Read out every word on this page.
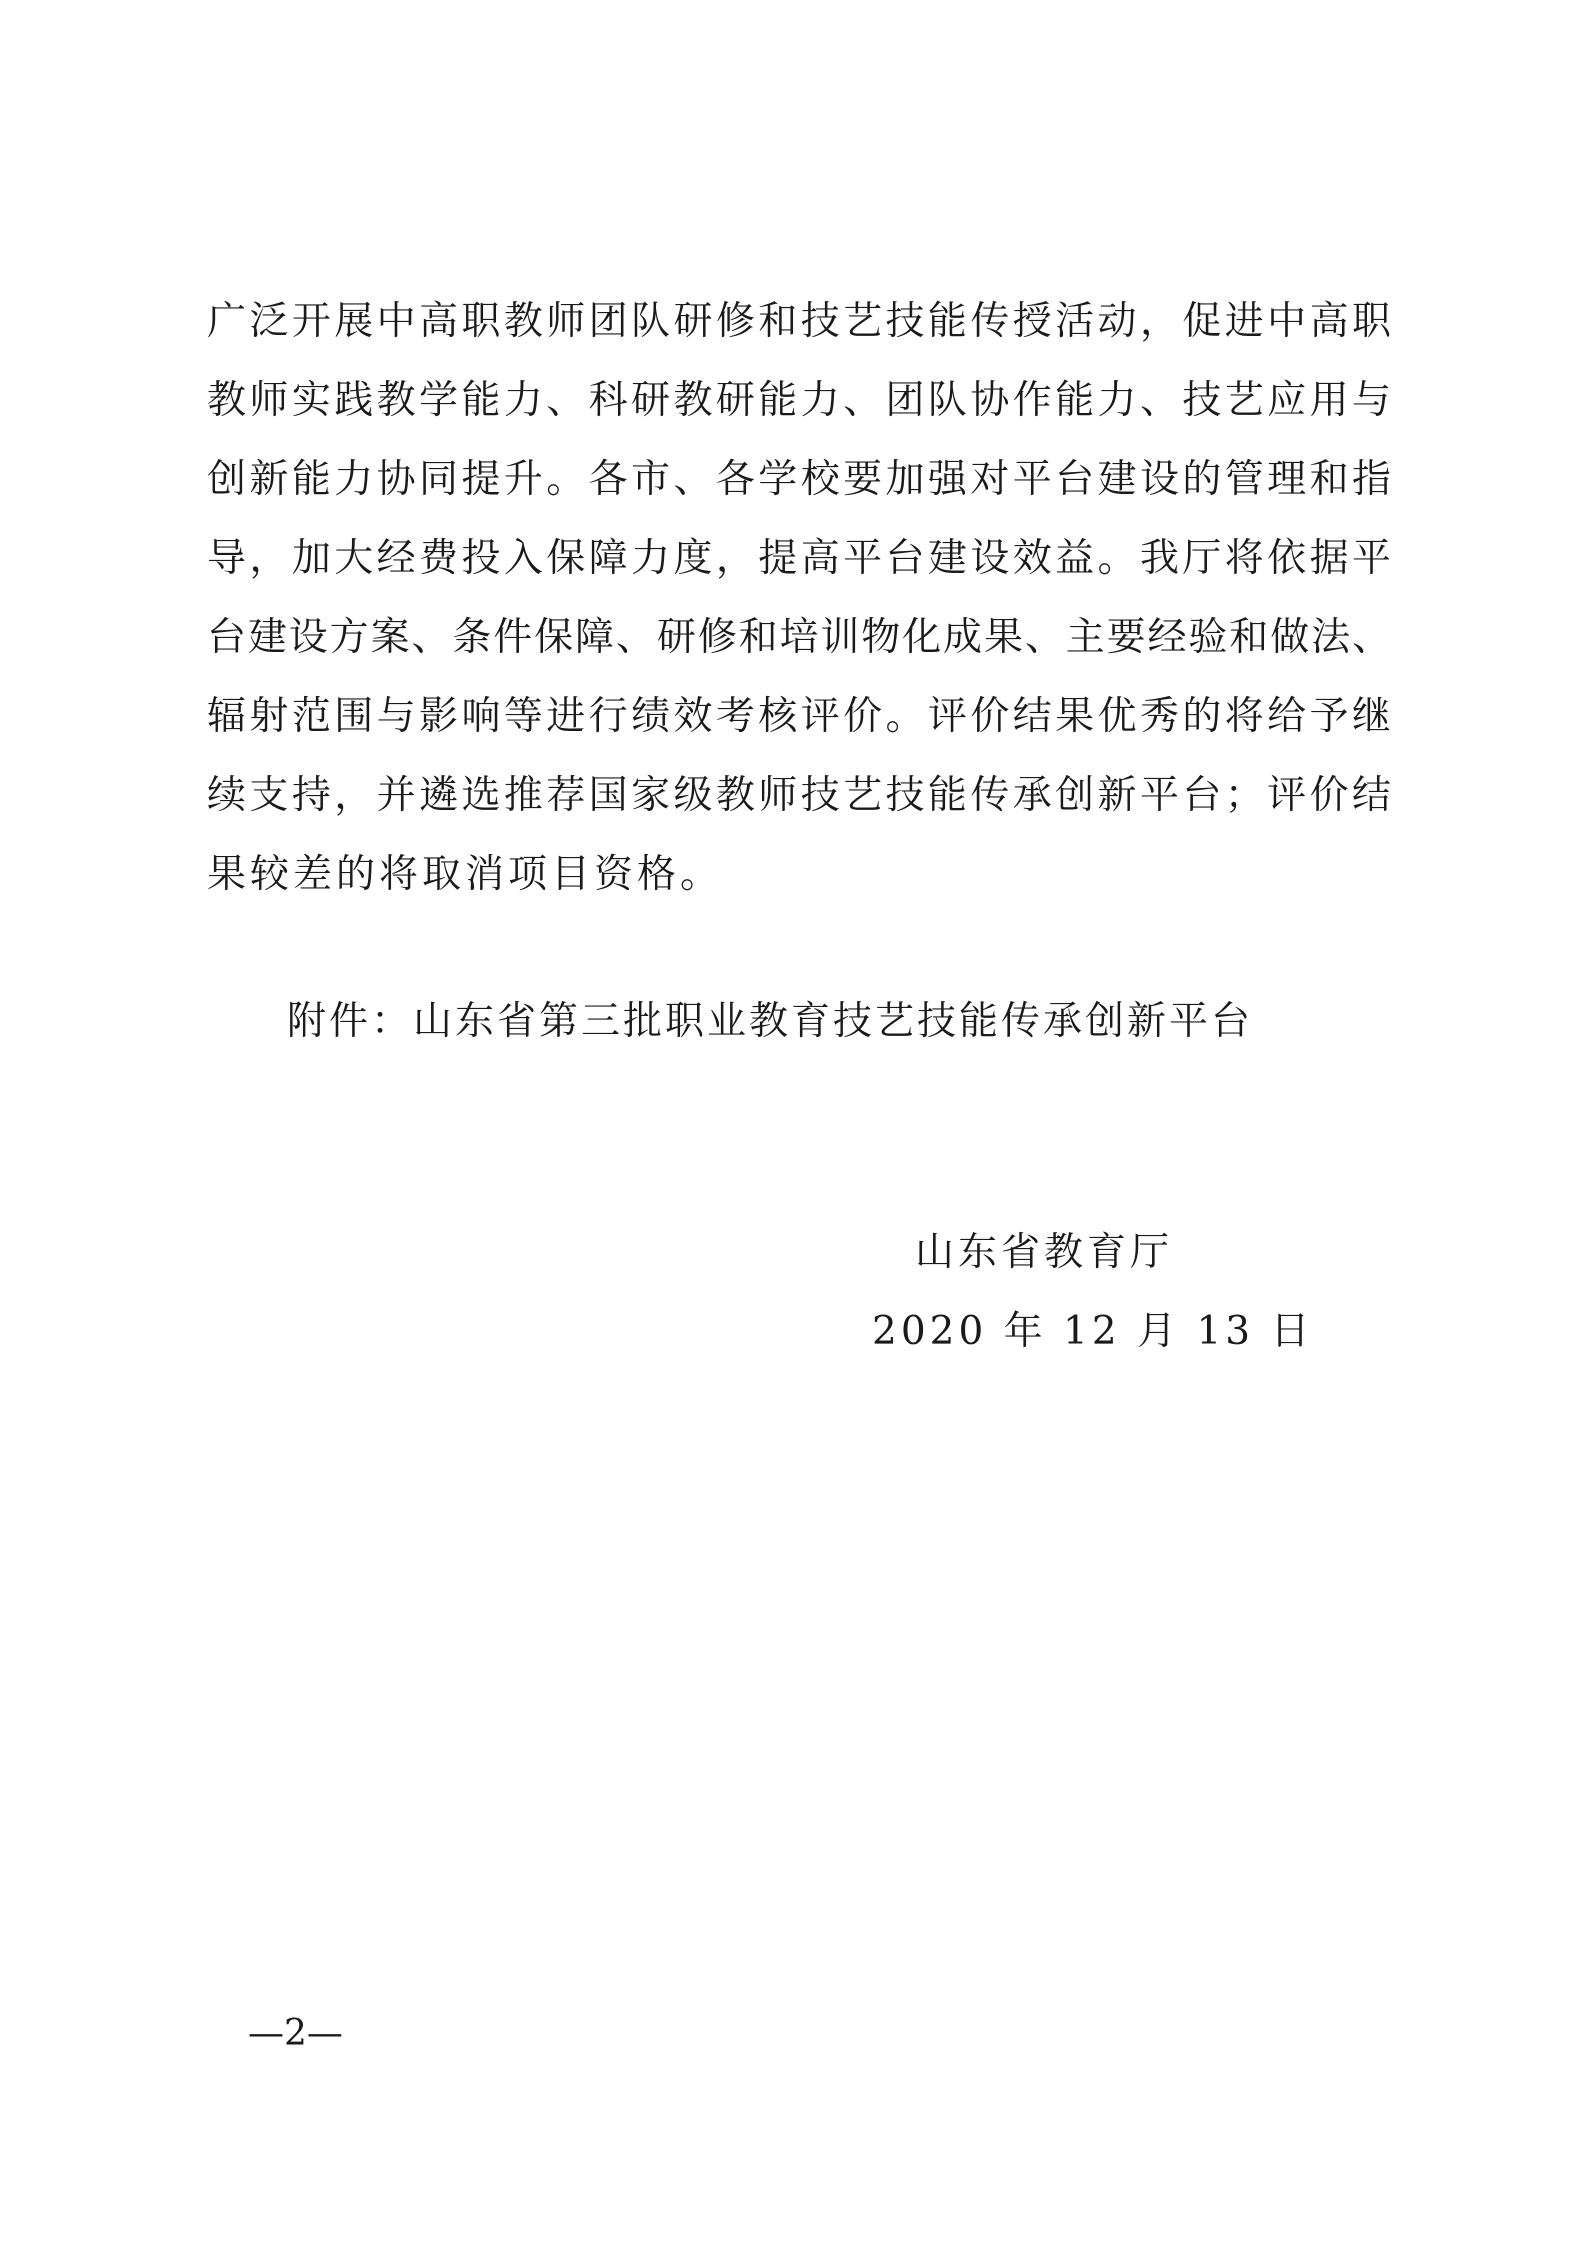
广泛开展中高职教师团队研修和技艺技能传授活动，促进中高职
教师实践教学能力、科研教研能力、团队协作能力、技艺应用与
创新能力协同提升。各市、各学校要加强对平台建设的管理和指
导，加大经费投入保障力度，提高平台建设效益。我厅将依据平
台建设方案、条件保障、研修和培训物化成果、主要经验和做法、
辐射范围与影响等进行绩效考核评价。评价结果优秀的将给予继
续支持，并遴选推荐国家级教师技艺技能传承创新平台；评价结
果较差的将取消项目资格。
附件：山东省第三批职业教育技艺技能传承创新平台
山东省教育厅
2020 年 12 月 13 日
—2—
